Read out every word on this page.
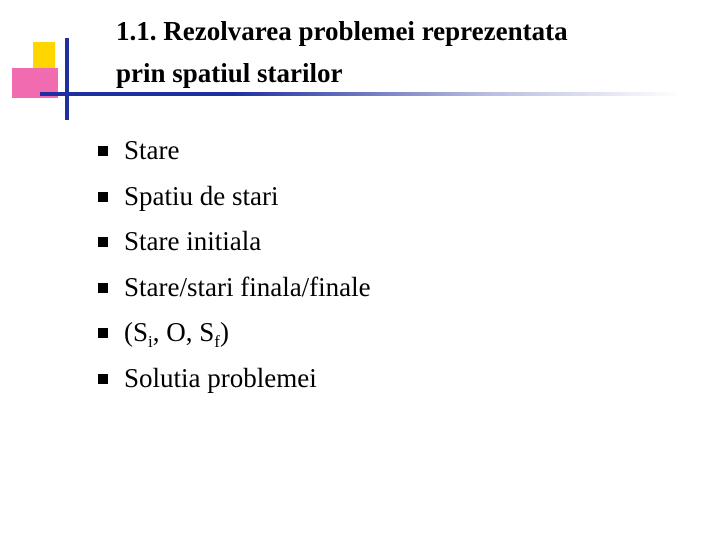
1.1. Rezolvarea problemei reprezentata
prin spatiul starilor
Stare
Spatiu de stari
Stare initiala
Stare/stari finala/finale
($S_i$, O, $S_f$)
Solutia problemei
